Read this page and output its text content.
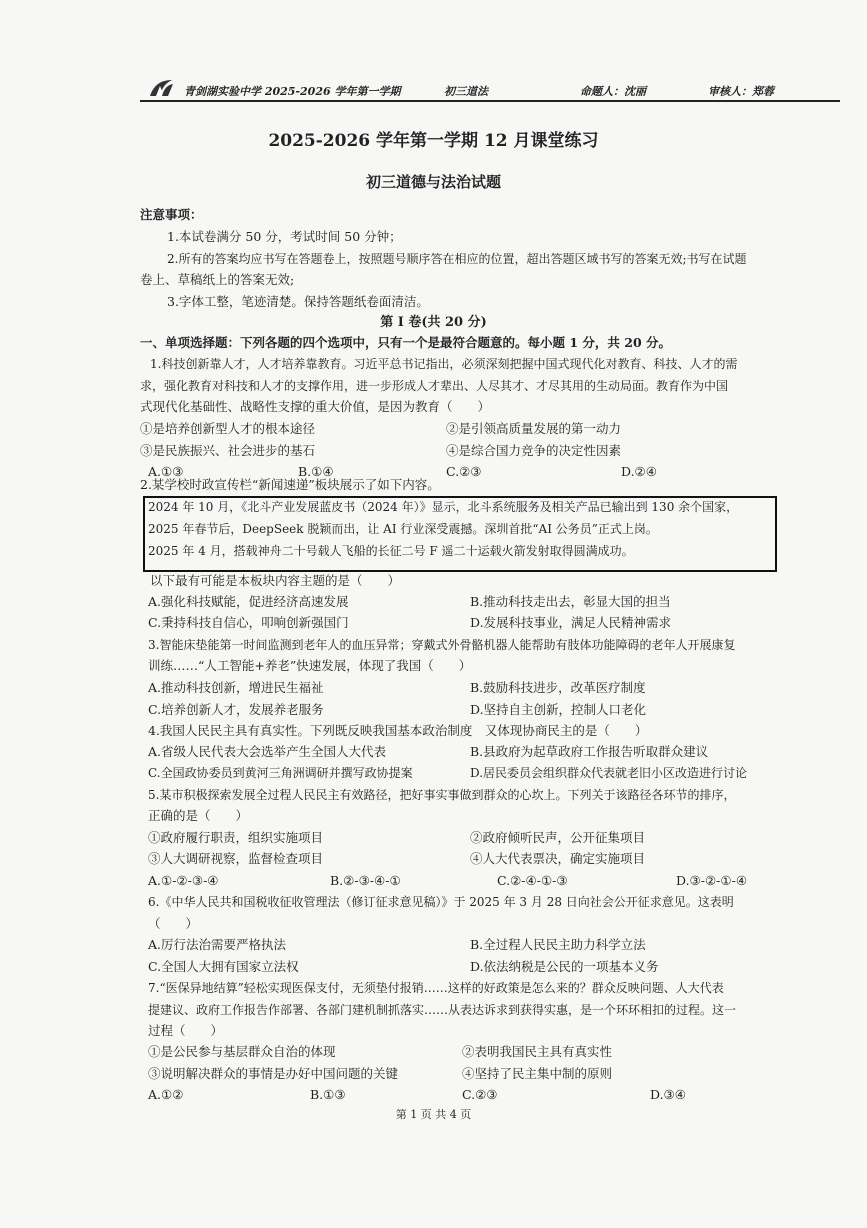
青剑湖实验中学 2025-2026 学年第一学期	初三道法	命题人：沈丽	审核人：郑蓉
2025-2026 学年第一学期 12 月课堂练习
初三道德与法治试题
注意事项：
1.本试卷满分 50 分，考试时间 50 分钟；
2.所有的答案均应书写在答题卷上，按照题号顺序答在相应的位置，超出答题区域书写的答案无效;书写在试题
卷上、草稿纸上的答案无效;
3.字体工整，笔迹清楚。保持答题纸卷面清洁。
第 I 卷(共 20 分)
一、单项选择题：下列各题的四个选项中，只有一个是最符合题意的。每小题 1 分，共 20 分。
1.科技创新靠人才，人才培养靠教育。习近平总书记指出，必须深刻把握中国式现代化对教育、科技、人才的需
求，强化教育对科技和人才的支撑作用，进一步形成人才辈出、人尽其才、才尽其用的生动局面。教育作为中国
式现代化基础性、战略性支撑的重大价值，是因为教育（　　）
①是培养创新型人才的根本途径	②是引领高质量发展的第一动力
③是民族振兴、社会进步的基石	④是综合国力竞争的决定性因素
A.①③	B.①④	C.②③	D.②④
2.某学校时政宣传栏“新闻速递”板块展示了如下内容。
2024 年 10 月，《北斗产业发展蓝皮书（2024 年）》显示，北斗系统服务及相关产品已输出到 130 余个国家，
2025 年春节后，DeepSeek 脱颖而出，让 AI 行业深受震撼。深圳首批“AI 公务员”正式上岗。
2025 年 4 月，搭载神舟二十号载人飞船的长征二号 F 遥二十运载火箭发射取得圆满成功。
以下最有可能是本板块内容主题的是（　　）
A.强化科技赋能，促进经济高速发展	B.推动科技走出去，彰显大国的担当
C.秉持科技自信心，叩响创新强国门	D.发展科技事业，满足人民精神需求
3.智能床垫能第一时间监测到老年人的血压异常；穿戴式外骨骼机器人能帮助有肢体功能障碍的老年人开展康复
训练……“人工智能+养老”快速发展，体现了我国（　　）
A.推动科技创新，增进民生福祉	B.鼓励科技进步，改革医疗制度
C.培养创新人才，发展养老服务	D.坚持自主创新，控制人口老化
4.我国人民民主具有真实性。下列既反映我国基本政治制度　又体现协商民主的是（　　）
A.省级人民代表大会选举产生全国人大代表	B.县政府为起草政府工作报告听取群众建议
C.全国政协委员到黄河三角洲调研并撰写政协提案	D.居民委员会组织群众代表就老旧小区改造进行讨论
5.某市积极探索发展全过程人民民主有效路径，把好事实事做到群众的心坎上。下列关于该路径各环节的排序，
正确的是（　　）
①政府履行职责，组织实施项目	②政府倾听民声，公开征集项目
③人大调研视察，监督检查项目	④人大代表票决，确定实施项目
A.①-②-③-④	B.②-③-④-①	C.②-④-①-③	D.③-②-①-④
6.《中华人民共和国税收征收管理法（修订征求意见稿）》于 2025 年 3 月 28 日向社会公开征求意见。这表明
（　　）
A.厉行法治需要严格执法	B.全过程人民民主助力科学立法
C.全国人大拥有国家立法权	D.依法纳税是公民的一项基本义务
7.“医保异地结算”轻松实现医保支付，无须垫付报销……这样的好政策是怎么来的？群众反映问题、人大代表
提建议、政府工作报告作部署、各部门建机制抓落实……从表达诉求到获得实惠，是一个环环相扣的过程。这一
过程（　　）
①是公民参与基层群众自治的体现	②表明我国民主具有真实性
③说明解决群众的事情是办好中国问题的关键	④坚持了民主集中制的原则
A.①②	B.①③	C.②③	D.③④
第 1 页 共 4 页
